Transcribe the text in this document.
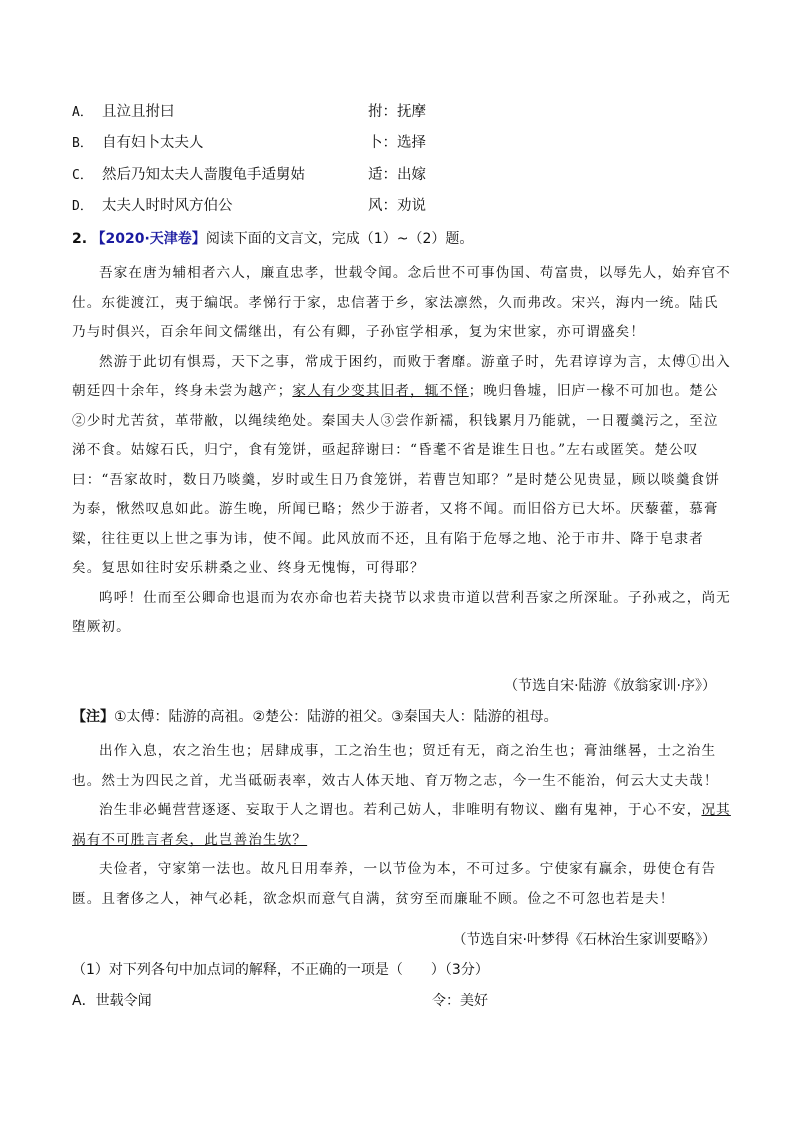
A． 且泣且拊曰	拊：抚摩
B． 自有妇卜太夫人	卜：选择
C． 然后乃知太夫人啬腹龟手适舅姑	适：出嫁
D． 太夫人时时风方伯公	风：劝说
2. 【2020·天津卷】阅读下面的文言文，完成（1）~（2）题。

吾家在唐为辅相者六人，廉直忠孝，世载令闻。念后世不可事伪国、苟富贵，以辱先人，始弃官不仕。东徙渡江，夷于编氓。孝悌行于家，忠信著于乡，家法凛然，久而弗改。宋兴，海内一统。陆氏乃与时俱兴，百余年间文儒继出，有公有卿，子孙宦学相承，复为宋世家，亦可谓盛矣！

然游于此切有惧焉，天下之事，常成于困约，而败于奢靡。游童子时，先君谆谆为言，太傅①出入朝廷四十余年，终身未尝为越产；家人有少变其旧者，辄不怿；晚归鲁墟，旧庐一椽不可加也。楚公②少时尤苦贫，革带敝，以绳续绝处。秦国夫人③尝作新襦，积钱累月乃能就，一日覆羹污之，至泣涕不食。姑嫁石氏，归宁，食有笼饼，亟起辞谢曰：“昏耄不省是谁生日也。”左右或匿笑。楚公叹曰：“吾家故时，数日乃啖羹，岁时或生日乃食笼饼，若曹岂知耶？”是时楚公见贵显，顾以啖羹食饼为泰，愀然叹息如此。游生晚，所闻已略；然少于游者，又将不闻。而旧俗方已大坏。厌藜藿，慕膏粱，往往更以上世之事为讳，使不闻。此风放而不还，且有陷于危辱之地、沦于市井、降于皂隶者矣。复思如往时安乐耕桑之业、终身无愧悔，可得耶？

呜呼！仕而至公卿命也退而为农亦命也若夫挠节以求贵市道以营利吾家之所深耻。子孙戒之，尚无堕厥初。

（节选自宋·陆游《放翁家训·序》）
【注】①太傅：陆游的高祖。②楚公：陆游的祖父。③秦国夫人：陆游的祖母。

出作入息，农之治生也；居肆成事，工之治生也；贸迁有无，商之治生也；膏油继晷，士之治生也。然士为四民之首，尤当砥砺表率，效古人体天地、育万物之志，今一生不能治，何云大丈夫哉！

治生非必蝇营营逐逐、妄取于人之谓也。若利己妨人，非唯明有物议、幽有鬼神，于心不安，况其祸有不可胜言者矣，此岂善治生欤？

夫俭者，守家第一法也。故凡日用奉养，一以节俭为本，不可过多。宁使家有赢余，毋使仓有告匮。且奢侈之人，神气必耗，欲念炽而意气自满，贫穷至而廉耻不顾。俭之不可忽也若是夫！

（节选自宋·叶梦得《石林治生家训要略》）
（1）对下列各句中加点词的解释，不正确的一项是（　　）（3分）
A．世载令闻	令：美好
